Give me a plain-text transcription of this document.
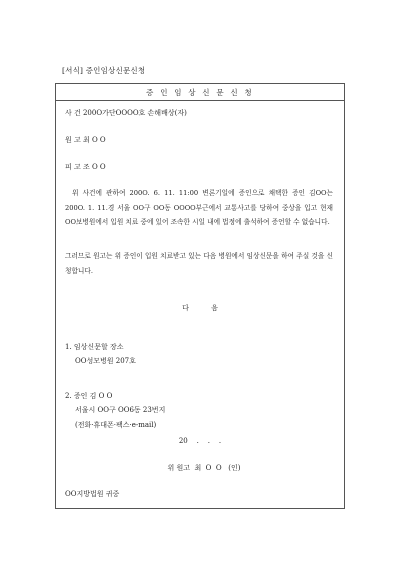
[서식] 증인임상신문신청
증 인 임 상 신 문 신 청
사 건 200O가단OOOO호 손해배상(자)
원 고 최 O O
피 고 조 O O
위 사건에 관하여 200O. 6. 11. 11:00 변론기일에 증인으로 채택한 증인 김OO는 200O. 1. 11.경 서울 OO구 OO동 OOOO부근에서 교통사고를 당하여 중상을 입고 현재 OO보병원에서 입원 치료 중에 있어 조속한 시일 내에 법정에 출석하여 증언할 수 없습니다.
그러므로 원고는 위 증인이 입원 치료받고 있는 다음 병원에서 임상신문을 하여 주실 것을 신청합니다.
다          음
1. 임상신문할 장소
OO성모병원 207호
2. 증인 김 O O
서울시 OO구 OO6동 23번지
(전화·휴대폰·팩스·e-mail)
20    .    .    .
위 원고  최  O  O   (인)
OO지방법원 귀중
